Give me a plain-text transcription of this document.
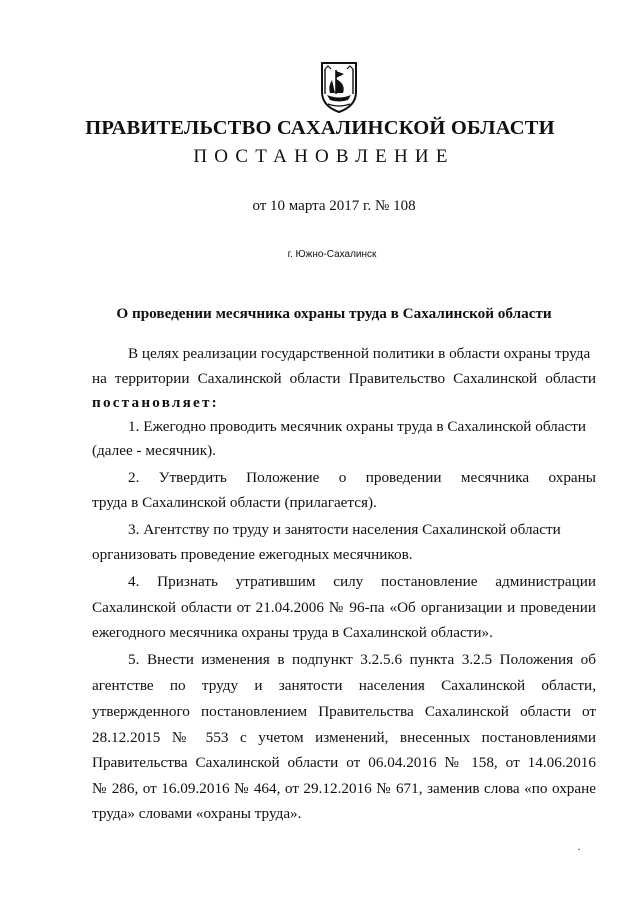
ПРАВИТЕЛЬСТВО САХАЛИНСКОЙ ОБЛАСТИ
ПОСТАНОВЛЕНИЕ
от 10 марта 2017 г. № 108
г. Южно-Сахалинск
О проведении месячника охраны труда в Сахалинской области
В целях реализации государственной политики в области охраны труда
на территории Сахалинской области Правительство Сахалинской области
постановляет:
1. Ежегодно проводить месячник охраны труда в Сахалинской области
(далее - месячник).
2. Утвердить Положение о проведении месячника охраны
труда в Сахалинской области (прилагается).
3. Агентству по труду и занятости населения Сахалинской области
организовать проведение ежегодных месячников.
4. Признать утратившим силу постановление администрации
Сахалинской области от 21.04.2006 № 96-па «Об организации и проведении
ежегодного месячника охраны труда в Сахалинской области».
5. Внести изменения в подпункт 3.2.5.6 пункта 3.2.5 Положения об
агентстве по труду и занятости населения Сахалинской области,
утвержденного постановлением Правительства Сахалинской области от
28.12.2015 № 553 с учетом изменений, внесенных постановлениями
Правительства Сахалинской области от 06.04.2016 № 158, от 14.06.2016
№ 286, от 16.09.2016 № 464, от 29.12.2016 № 671, заменив слова «по охране
труда» словами «охраны труда».
·
